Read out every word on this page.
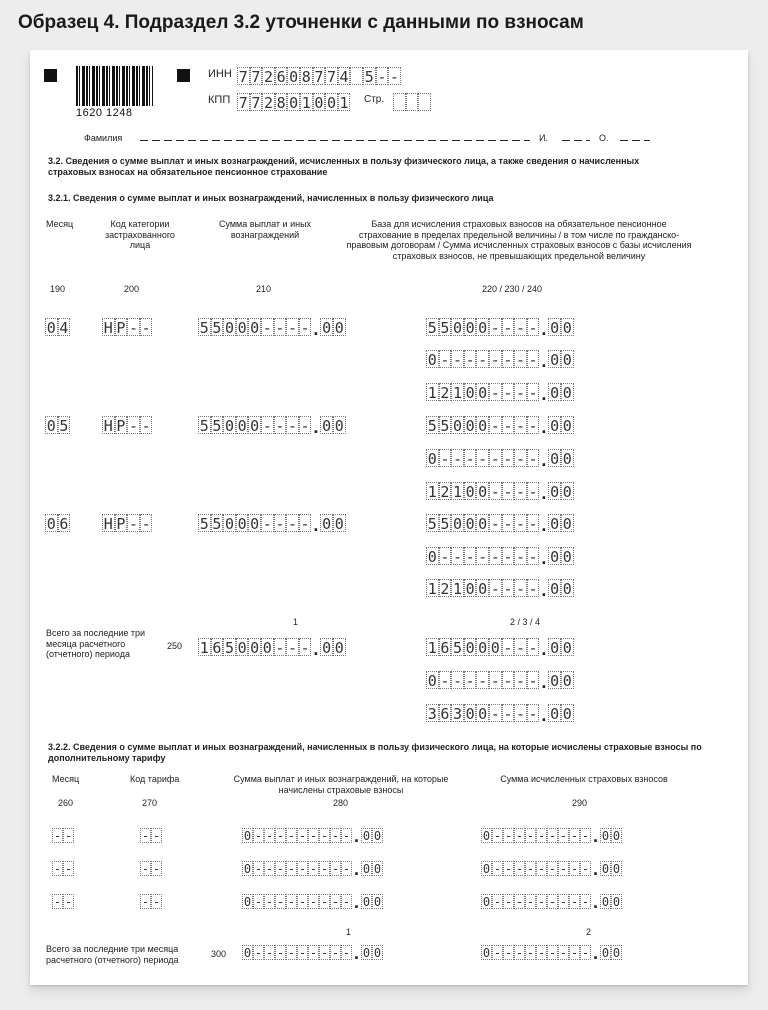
Образец 4. Подраздел 3.2 уточненки с данными по взносам
1620 1248
ИНН 7 7 2 6 0 8 7 7 4
5 - -
КПП 7 7 2 8 0 1 0 0 1 Стр.

Фамилия	И.	О.
3.2. Сведения о сумме выплат и иных вознаграждений, исчисленных в пользу физического лица, а также сведения о начисленных страховых взносах на обязательное пенсионное страхование
3.2.1. Сведения о сумме выплат и иных вознаграждений, начисленных в пользу физического лица
Месяц	Код категории застрахованного лица
Сумма выплат и иных вознаграждений
База для исчисления страховых взносов на обязательное пенсионное страхование в пределах предельной величины / в том числе по гражданско-правовым договорам / Сумма исчисленных страховых взносов с базы исчисления страховых взносов, не превышающих предельной величину
190	200	210	220 / 230 / 240
0 4 Н Р - -	5 5 0 0 0 - - - - . 0 0	5 5 0 0 0 - - - - . 0 0
0 - - - - - - - - . 0 0
1 2 1 0 0 - - - - . 0 0
0 5 Н Р - -	5 5 0 0 0 - - - - . 0 0	5 5 0 0 0 - - - - . 0 0
0 - - - - - - - - . 0 0
1 2 1 0 0 - - - - . 0 0
0 6 Н Р - -	5 5 0 0 0 - - - - . 0 0	5 5 0 0 0 - - - - . 0 0
0 - - - - - - - - . 0 0
1 2 1 0 0 - - - - . 0 0
1	2 / 3 / 4
Всего за последние три месяца расчетного (отчетного) периода
250 1 6 5 0 0 0 - - - . 0 0	1 6 5 0 0 0 - - - . 0 0
0 - - - - - - - - . 0 0
3 6 3 0 0 - - - - . 0 0
3.2.2. Сведения о сумме выплат и иных вознаграждений, начисленных в пользу физического лица, на которые исчислены страховые взносы по дополнительному тарифу
Месяц	Код тарифа	Сумма выплат и иных вознаграждений, на которые начислены страховые взносы
Сумма исчисленных страховых взносов
260	270	280	290
- -	- -	0 - - - - - - - - - . 0 0	0 - - - - - - - - - . 0 0
- -	- -	0 - - - - - - - - - . 0 0	0 - - - - - - - - - . 0 0
- -	- -	0 - - - - - - - - - . 0 0	0 - - - - - - - - - . 0 0
1	2
Всего за последние три месяца расчетного (отчетного) периода
300 0 - - - - - - - - - . 0 0	0 - - - - - - - - - . 0 0
